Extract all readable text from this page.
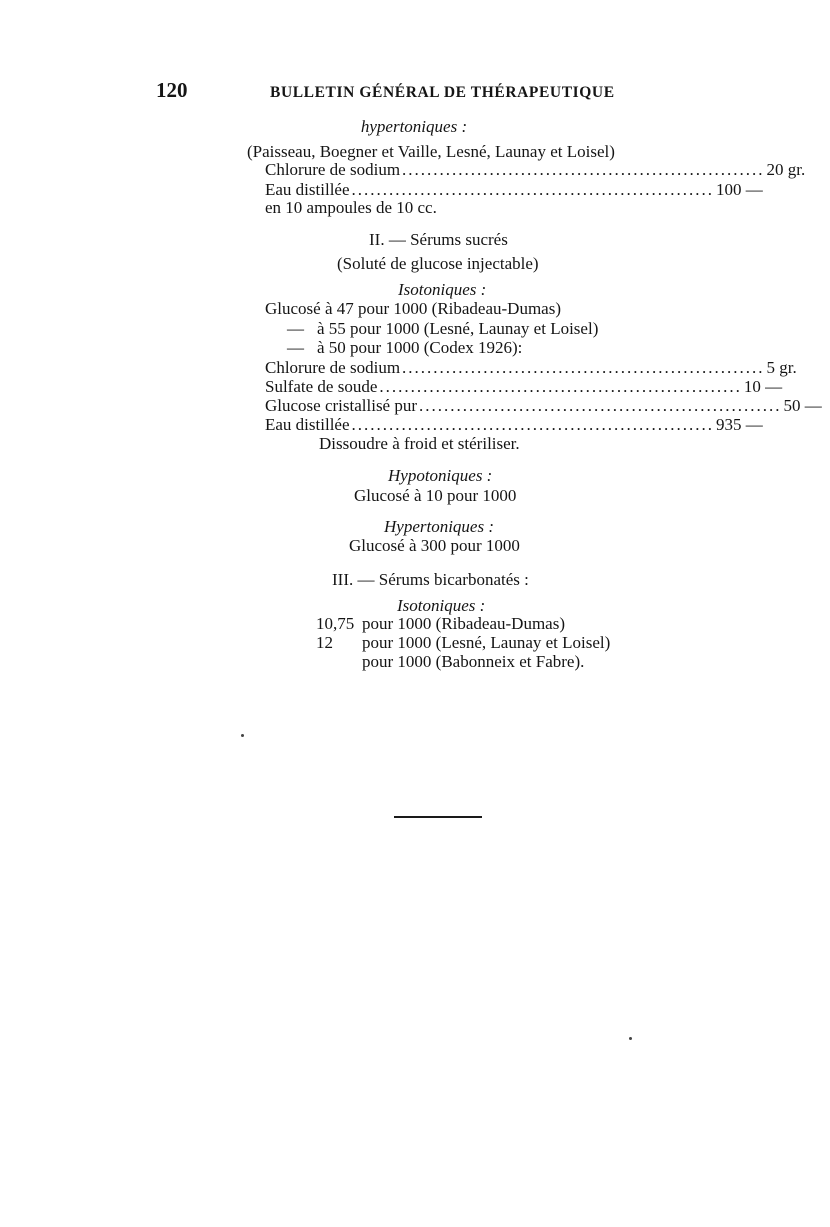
120	BULLETIN GÉNÉRAL DE THÉRAPEUTIQUE
hypertoniques :
(Paisseau, Boegner et Vaille, Lesné, Launay et Loisel)
Chlorure de sodium .......................................................... 20 gr.
Eau distillée .......................................................... 100 —
en 10 ampoules de 10 cc.
II. — Sérums sucrés
(Soluté de glucose injectable)
Isotoniques :
Glucosé à 47 pour 1000 (Ribadeau-Dumas)
— à 55 pour 1000 (Lesné, Launay et Loisel)
— à 50 pour 1000 (Codex 1926):
Chlorure de sodium .......................................................... 5 gr.
Sulfate de soude .......................................................... 10 —
Glucose cristallisé pur .......................................................... 50 —
Eau distillée .......................................................... 935 —
Dissoudre à froid et stériliser.
Hypotoniques :
Glucosé à 10 pour 1000
Hypertoniques :
Glucosé à 300 pour 1000
III. — Sérums bicarbonatés :
Isotoniques :
10,75 pour 1000 (Ribadeau-Dumas)
12 pour 1000 (Lesné, Launay et Loisel)
pour 1000 (Babonneix et Fabre).
